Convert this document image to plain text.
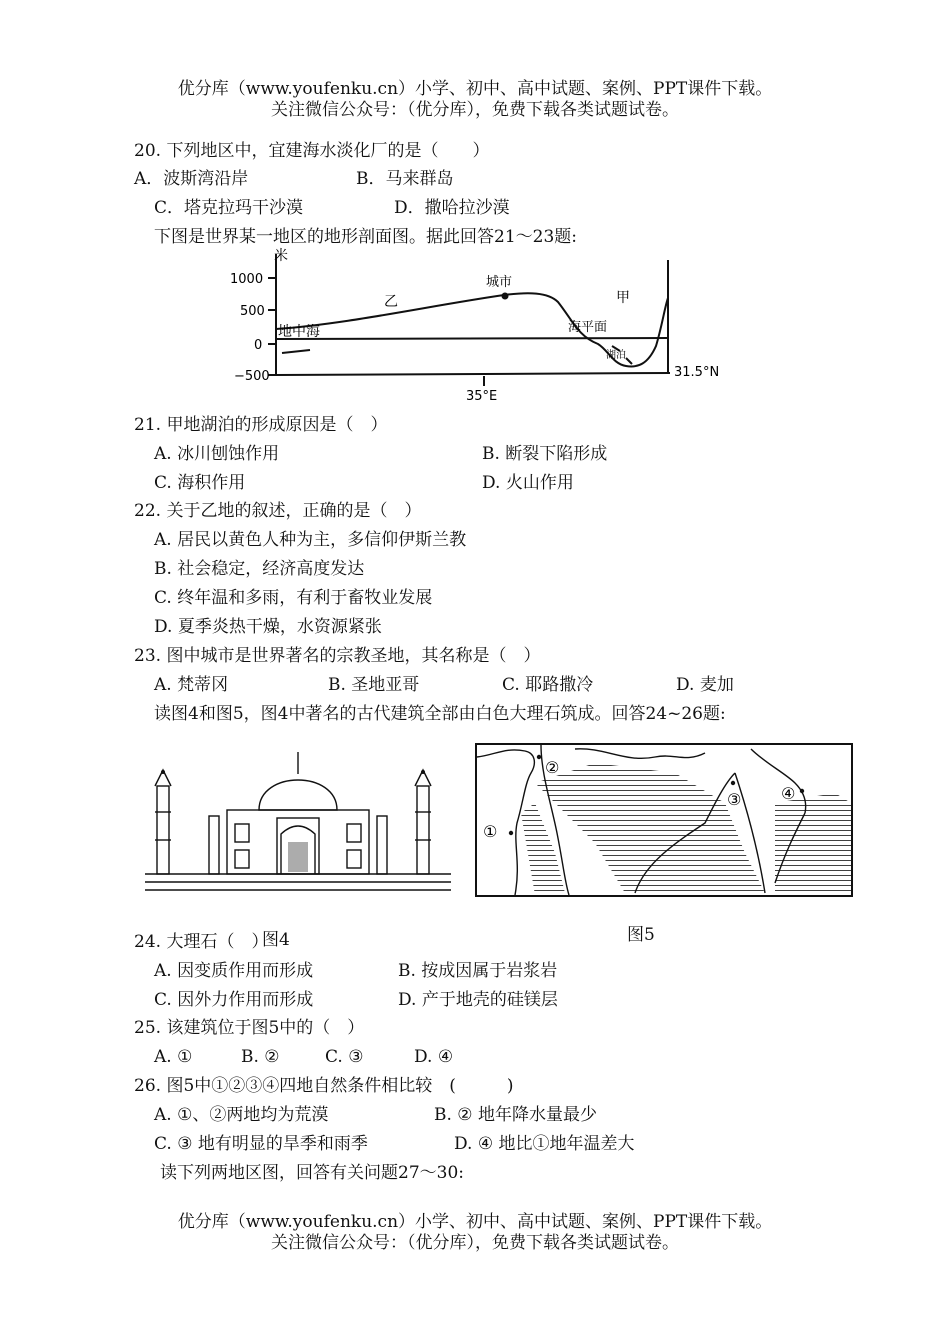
优分库（www.youfenku.cn）小学、初中、高中试题、案例、PPT课件下载。
关注微信公众号：（优分库），免费下载各类试题试卷。
20. 下列地区中，宜建海水淡化厂的是（　　）
A．波斯湾沿岸	B．马来群岛
C．塔克拉玛干沙漠	D．撒哈拉沙漠
下图是世界某一地区的地形剖面图。据此回答21～23题:
米
1000
500
0
−500
地中海
乙
城市
甲
海平面
湖泊
31.5°N
35°E
21. 甲地湖泊的形成原因是（　）
A. 冰川刨蚀作用	B. 断裂下陷形成
C. 海积作用	D. 火山作用
22. 关于乙地的叙述，正确的是（　）
A. 居民以黄色人种为主，多信仰伊斯兰教
B. 社会稳定，经济高度发达
C. 终年温和多雨，有利于畜牧业发展
D. 夏季炎热干燥，水资源紧张
23. 图中城市是世界著名的宗教圣地，其名称是（　）
A. 梵蒂冈	B. 圣地亚哥	C. 耶路撒冷	D. 麦加
读图4和图5，图4中著名的古代建筑全部由白色大理石筑成。回答24~26题:
图4
②
①
③ ④
图5
24. 大理石（　）
A. 因变质作用而形成	B. 按成因属于岩浆岩
C. 因外力作用而形成	D. 产于地壳的硅镁层
25. 该建筑位于图5中的（　）
A. ①	B. ②	C. ③	D. ④
26. 图5中①②③④四地自然条件相比较　(　　　)
A. ①、②两地均为荒漠	B. ② 地年降水量最少
C. ③ 地有明显的旱季和雨季	D. ④ 地比①地年温差大
读下列两地区图，回答有关问题27～30:
优分库（www.youfenku.cn）小学、初中、高中试题、案例、PPT课件下载。
关注微信公众号：（优分库），免费下载各类试题试卷。
